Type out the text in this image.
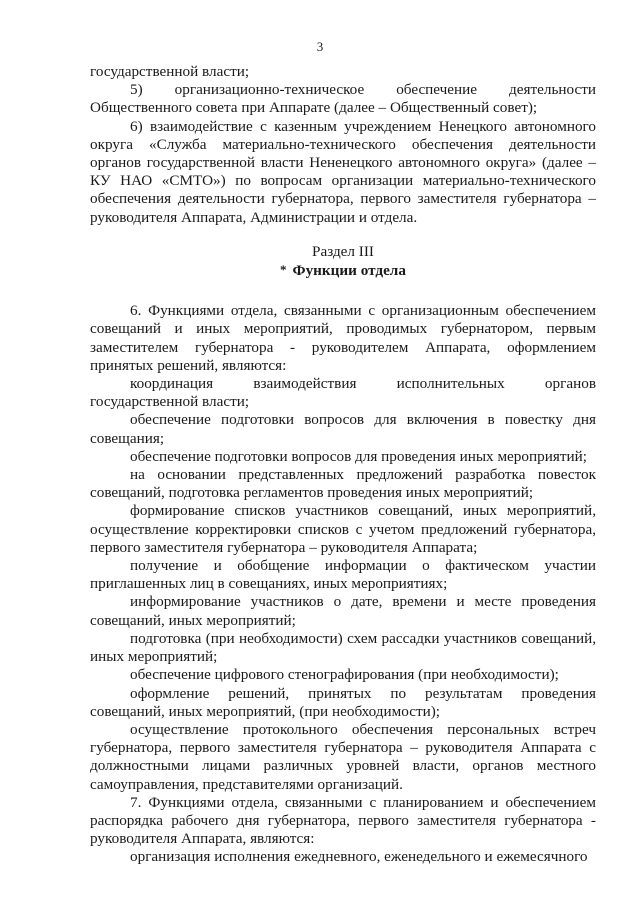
3

государственной власти;

5) организационно-техническое обеспечение деятельности Общественного совета при Аппарате (далее – Общественный совет);

6) взаимодействие с казенным учреждением Ненецкого автономного округа «Служба материально-технического обеспечения деятельности органов государственной власти Нененецкого автономного округа» (далее – КУ НАО «СМТО») по вопросам организации материально-технического обеспечения деятельности губернатора, первого заместителя губернатора – руководителя Аппарата, Администрации и отдела.

Раздел III

* Функции отдела

6. Функциями отдела, связанными с организационным обеспечением совещаний и иных мероприятий, проводимых губернатором, первым заместителем губернатора - руководителем Аппарата, оформлением принятых решений, являются:

координация взаимодействия исполнительных органов государственной власти;

обеспечение подготовки вопросов для включения в повестку дня совещания;

обеспечение подготовки вопросов для проведения иных мероприятий;

на основании представленных предложений разработка повесток совещаний, подготовка регламентов проведения иных мероприятий;

формирование списков участников совещаний, иных мероприятий, осуществление корректировки списков с учетом предложений губернатора, первого заместителя губернатора – руководителя Аппарата;

получение и обобщение информации о фактическом участии приглашенных лиц в совещаниях, иных мероприятиях;

информирование участников о дате, времени и месте проведения совещаний, иных мероприятий;

подготовка (при необходимости) схем рассадки участников совещаний, иных мероприятий;

обеспечение цифрового стенографирования (при необходимости);

оформление решений, принятых по результатам проведения совещаний, иных мероприятий, (при необходимости);

осуществление протокольного обеспечения персональных встреч губернатора, первого заместителя губернатора – руководителя Аппарата с должностными лицами различных уровней власти, органов местного самоуправления, представителями организаций.

7. Функциями отдела, связанными с планированием и обеспечением распорядка рабочего дня губернатора, первого заместителя губернатора - руководителя Аппарата, являются:

организация исполнения ежедневного, еженедельного и ежемесячного
